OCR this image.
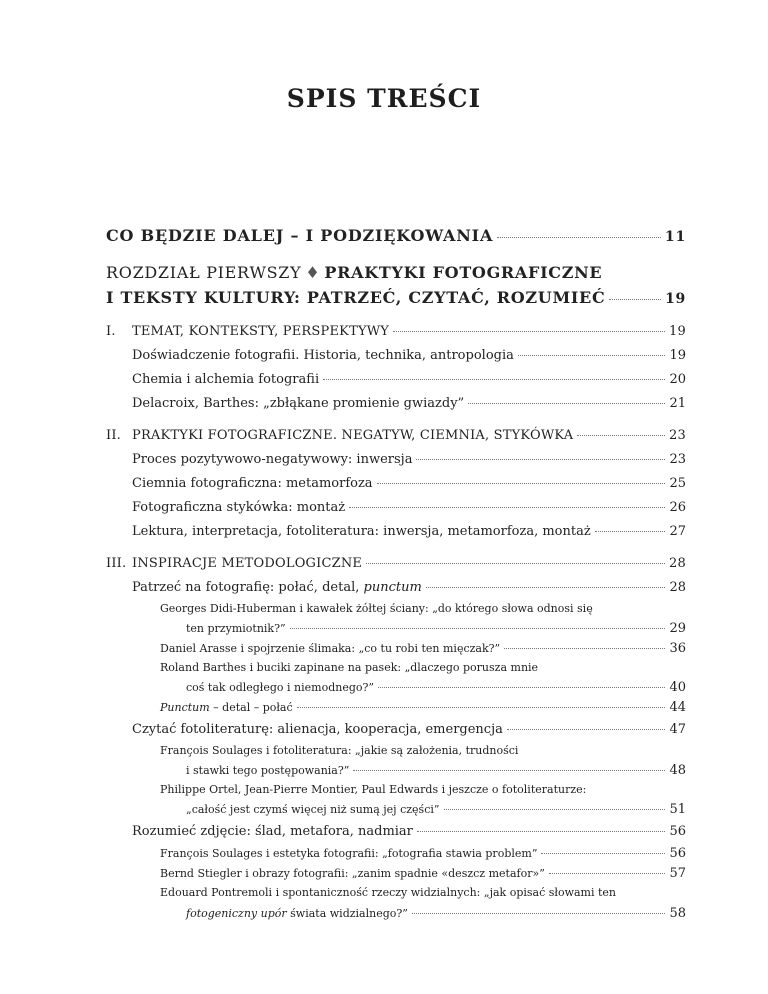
SPIS TREŚCI
CO BĘDZIE DALEJ – I PODZIĘKOWANIA	11
ROZDZIAŁ PIERWSZY ♦ PRAKTYKI FOTOGRAFICZNE
I TEKSTY KULTURY: PATRZEĆ, CZYTAĆ, ROZUMIEĆ	19
I.	TEMAT, KONTEKSTY, PERSPEKTYWY	19
Doświadczenie fotografii. Historia, technika, antropologia	19
Chemia i alchemia fotografii	20
Delacroix, Barthes: „zbłąkane promienie gwiazdy”	21
II. PRAKTYKI FOTOGRAFICZNE. NEGATYW, CIEMNIA, STYKÓWKA	23
Proces pozytywowo-negatywowy: inwersja	23
Ciemnia fotograficzna: metamorfoza	25
Fotograficzna stykówka: montaż	26
Lektura, interpretacja, fotoliteratura: inwersja, metamorfoza, montaż	27
III. INSPIRACJE METODOLOGICZNE	28
Patrzeć na fotografię: połać, detal, punctum	28
Georges Didi-Huberman i kawałek żółtej ściany: „do którego słowa odnosi się
ten przymiotnik?”	29
Daniel Arasse i spojrzenie ślimaka: „co tu robi ten mięczak?”	36
Roland Barthes i buciki zapinane na pasek: „dlaczego porusza mnie
coś tak odległego i niemodnego?”	40
Punctum – detal – połać	44
Czytać fotoliteraturę: alienacja, kooperacja, emergencja	47
François Soulages i fotoliteratura: „jakie są założenia, trudności
i stawki tego postępowania?”	48
Philippe Ortel, Jean-Pierre Montier, Paul Edwards i jeszcze o fotoliteraturze:
„całość jest czymś więcej niż sumą jej części”	51
Rozumieć zdjęcie: ślad, metafora, nadmiar	56
François Soulages i estetyka fotografii: „fotografia stawia problem”	56
Bernd Stiegler i obrazy fotografii: „zanim spadnie «deszcz metafor»”	57
Edouard Pontremoli i spontaniczność rzeczy widzialnych: „jak opisać słowami ten
fotogeniczny upór świata widzialnego?”	58
